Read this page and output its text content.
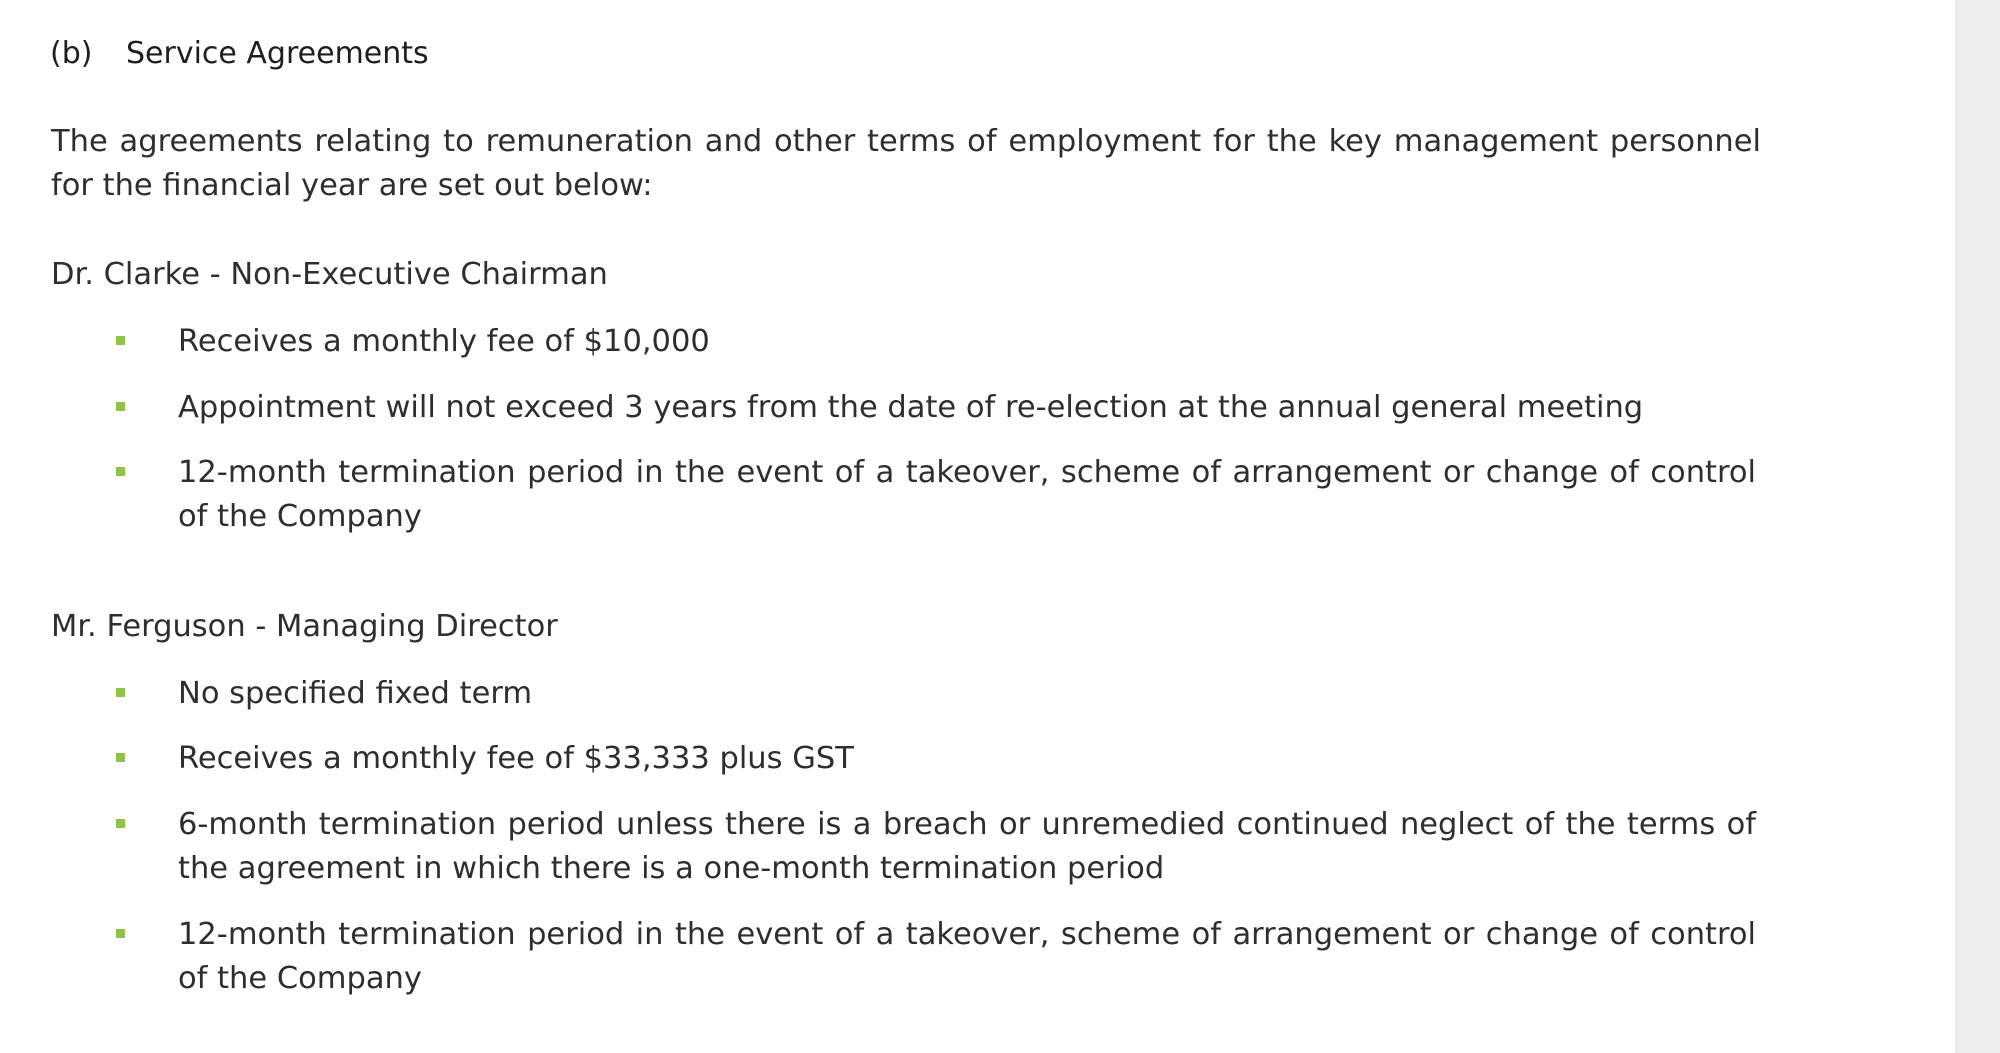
(b) Service Agreements

The agreements relating to remuneration and other terms of employment for the key management personnel for the financial year are set out below:

Dr. Clarke - Non-Executive Chairman
Receives a monthly fee of $10,000
Appointment will not exceed 3 years from the date of re-election at the annual general meeting
12-month termination period in the event of a takeover, scheme of arrangement or change of control of the Company
Mr. Ferguson - Managing Director
No specified fixed term
Receives a monthly fee of $33,333 plus GST
6-month termination period unless there is a breach or unremedied continued neglect of the terms of the agreement in which there is a one-month termination period
12-month termination period in the event of a takeover, scheme of arrangement or change of control of the Company
